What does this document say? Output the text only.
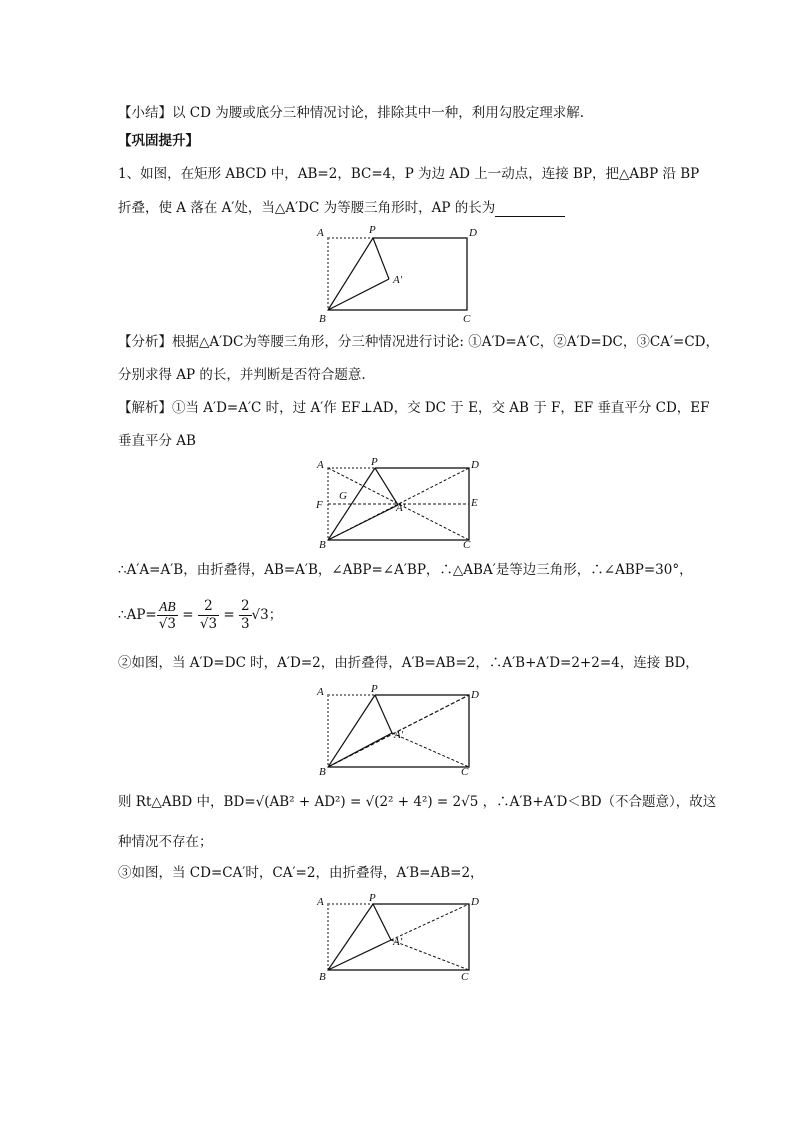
【小结】以 CD 为腰或底分三种情况讨论，排除其中一种，利用勾股定理求解.
【巩固提升】
1、如图，在矩形 ABCD 中，AB=2，BC=4，P 为边 AD 上一动点，连接 BP，把△ABP 沿 BP
折叠，使 A 落在 A′处，当△A′DC 为等腰三角形时，AP 的长为
A	P	D
B	C
A′
【分析】根据△A′DC为等腰三角形，分三种情况进行讨论: ①A′D=A′C，②A′D=DC，③CA′=CD，
分别求得 AP 的长，并判断是否符合题意.
【解析】①当 A′D=A′C 时，过 A′作 EF⊥AD，交 DC 于 E，交 AB 于 F，EF 垂直平分 CD，EF
垂直平分 AB
A	P	D
F
G
E
A′
B	C
∴A′A=A′B，由折叠得，AB=A′B，∠ABP=∠A′BP，∴△ABA′是等边三角形，∴∠ABP=30°，
∴AP= $\frac{AB}{√3} = \frac{2}{√3} = \frac{2}{3} √3$；
②如图，当 A′D=DC 时，A′D=2，由折叠得，A′B=AB=2，∴A′B+A′D=2+2=4，连接 BD，
A	P	D
A′
B	C
则 Rt△ABD 中，BD=√(AB² + AD²) = √(2² + 4²) = 2√5 ，∴A′B+A′D＜BD（不合题意），故这
种情况不存在；
③如图，当 CD=CA′时，CA′=2，由折叠得，A′B=AB=2，
A	P	D
A′
B	C
